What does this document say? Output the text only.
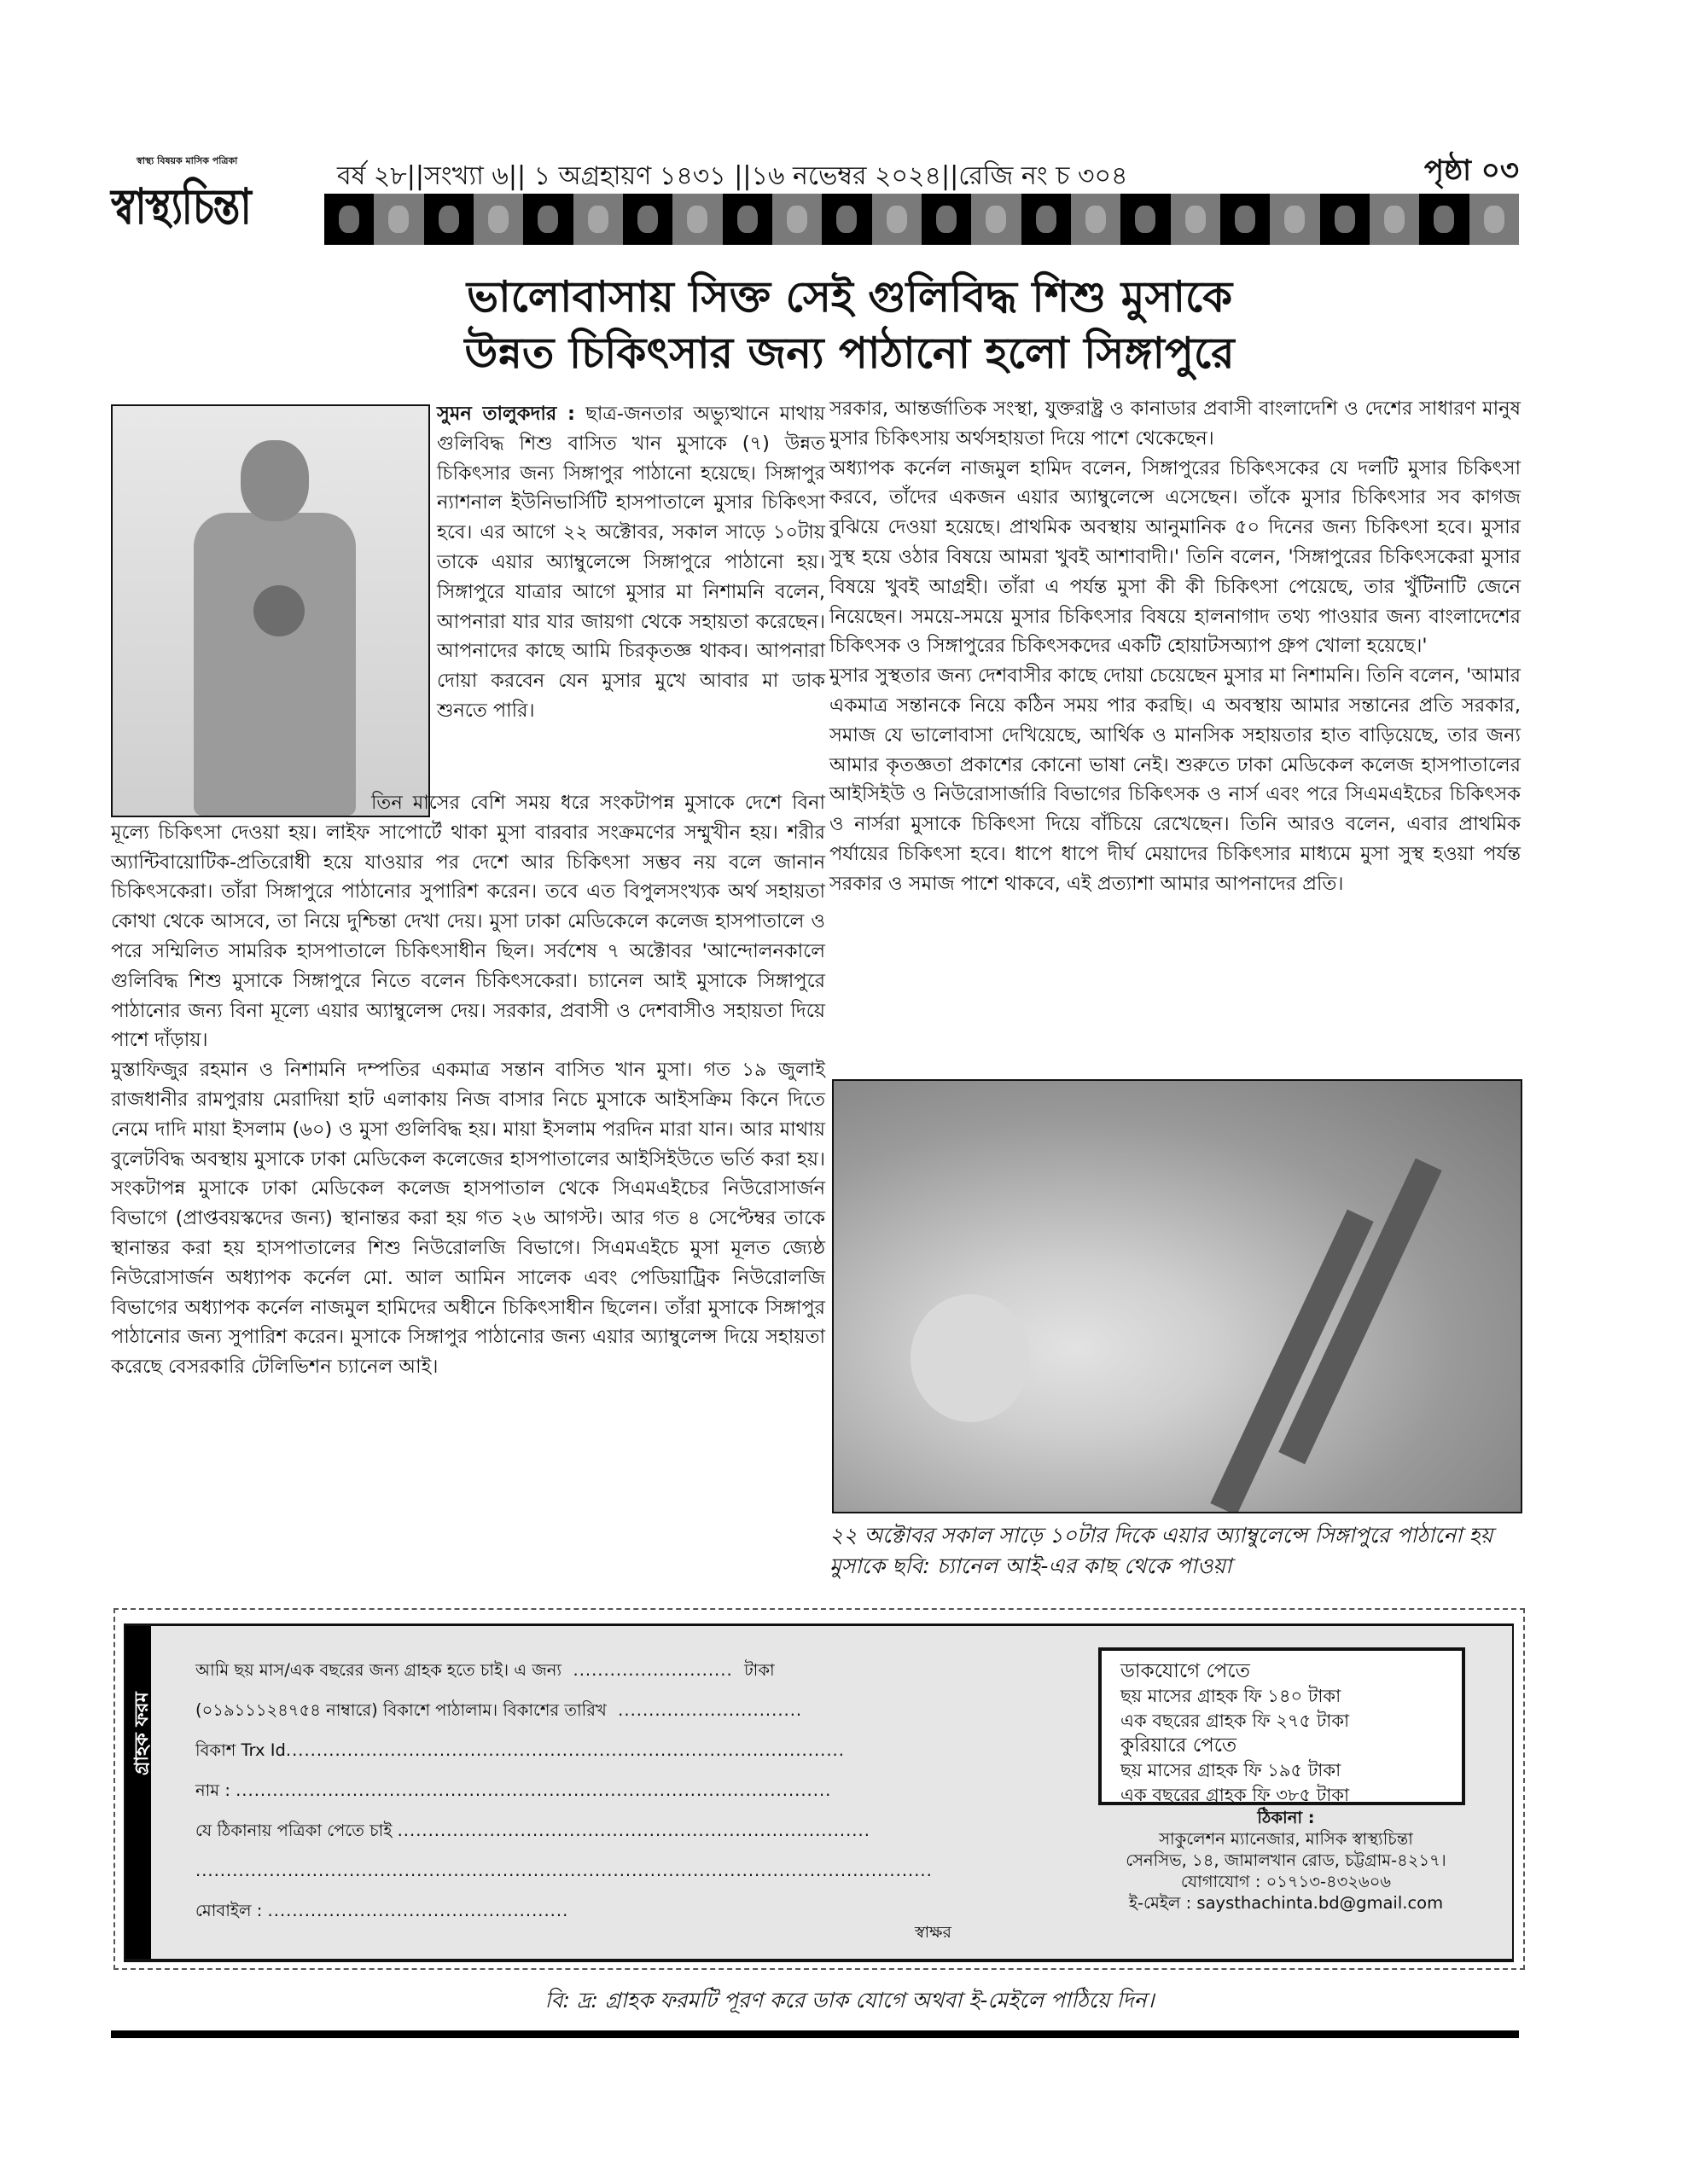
স্বাস্থ্য বিষয়ক মাসিক পত্রিকা
স্বাস্থ্যচিন্তা
বর্ষ ২৮||সংখ্যা ৬|| ১ অগ্রহায়ণ ১৪৩১ ||১৬ নভেম্বর ২০২৪||রেজি নং চ ৩০৪	পৃষ্ঠা ০৩
ভালোবাসায় সিক্ত সেই গুলিবিদ্ধ শিশু মুসাকে
উন্নত চিকিৎসার জন্য পাঠানো হলো সিঙ্গাপুরে
সুমন তালুকদার : ছাত্র-জনতার অভ্যুত্থানে মাথায় গুলিবিদ্ধ শিশু বাসিত খান মুসাকে (৭) উন্নত চিকিৎসার জন্য সিঙ্গাপুর পাঠানো হয়েছে। সিঙ্গাপুর ন্যাশনাল ইউনিভার্সিটি হাসপাতালে মুসার চিকিৎসা হবে। এর আগে ২২ অক্টোবর, সকাল সাড়ে ১০টায় তাকে এয়ার অ্যাম্বুলেন্সে সিঙ্গাপুরে পাঠানো হয়। সিঙ্গাপুরে যাত্রার আগে মুসার মা নিশামনি বলেন, আপনারা যার যার জায়গা থেকে সহায়তা করেছেন। আপনাদের কাছে আমি চিরকৃতজ্ঞ থাকব। আপনারা দোয়া করবেন যেন মুসার মুখে আবার মা ডাক শুনতে পারি।

তিন মাসের বেশি সময় ধরে সংকটাপন্ন মুসাকে দেশে বিনা মূল্যে চিকিৎসা দেওয়া হয়। লাইফ সাপোর্টে থাকা মুসা বারবার সংক্রমণের সম্মুখীন হয়। শরীর অ্যান্টিবায়োটিক-প্রতিরোধী হয়ে যাওয়ার পর দেশে আর চিকিৎসা সম্ভব নয় বলে জানান চিকিৎসকেরা। তাঁরা সিঙ্গাপুরে পাঠানোর সুপারিশ করেন। তবে এত বিপুলসংখ্যক অর্থ সহায়তা কোথা থেকে আসবে, তা নিয়ে দুশ্চিন্তা দেখা দেয়। মুসা ঢাকা মেডিকেলে কলেজ হাসপাতালে ও পরে সম্মিলিত সামরিক হাসপাতালে চিকিৎসাধীন ছিল। সর্বশেষ ৭ অক্টোবর 'আন্দোলনকালে গুলিবিদ্ধ শিশু মুসাকে সিঙ্গাপুরে নিতে বলেন চিকিৎসকেরা। চ্যানেল আই মুসাকে সিঙ্গাপুরে পাঠানোর জন্য বিনা মূল্যে এয়ার অ্যাম্বুলেন্স দেয়। সরকার, প্রবাসী ও দেশবাসীও সহায়তা দিয়ে পাশে দাঁড়ায়।

মুস্তাফিজুর রহমান ও নিশামনি দম্পতির একমাত্র সন্তান বাসিত খান মুসা। গত ১৯ জুলাই রাজধানীর রামপুরায় মেরাদিয়া হাট এলাকায় নিজ বাসার নিচে মুসাকে আইসক্রিম কিনে দিতে নেমে দাদি মায়া ইসলাম (৬০) ও মুসা গুলিবিদ্ধ হয়। মায়া ইসলাম পরদিন মারা যান। আর মাথায় বুলেটবিদ্ধ অবস্থায় মুসাকে ঢাকা মেডিকেল কলেজের হাসপাতালের আইসিইউতে ভর্তি করা হয়। সংকটাপন্ন মুসাকে ঢাকা মেডিকেল কলেজ হাসপাতাল থেকে সিএমএইচের নিউরোসার্জন বিভাগে (প্রাপ্তবয়স্কদের জন্য) স্থানান্তর করা হয় গত ২৬ আগস্ট। আর গত ৪ সেপ্টেম্বর তাকে স্থানান্তর করা হয় হাসপাতালের শিশু নিউরোলজি বিভাগে। সিএমএইচে মুসা মূলত জ্যেষ্ঠ নিউরোসার্জন অধ্যাপক কর্নেল মো. আল আমিন সালেক এবং পেডিয়াট্রিক নিউরোলজি বিভাগের অধ্যাপক কর্নেল নাজমুল হামিদের অধীনে চিকিৎসাধীন ছিলেন। তাঁরা মুসাকে সিঙ্গাপুর পাঠানোর জন্য সুপারিশ করেন। মুসাকে সিঙ্গাপুর পাঠানোর জন্য এয়ার অ্যাম্বুলেন্স দিয়ে সহায়তা করেছে বেসরকারি টেলিভিশন চ্যানেল আই।

সরকার, আন্তর্জাতিক সংস্থা, যুক্তরাষ্ট্র ও কানাডার প্রবাসী বাংলাদেশি ও দেশের সাধারণ মানুষ মুসার চিকিৎসায় অর্থসহায়তা দিয়ে পাশে থেকেছেন।

অধ্যাপক কর্নেল নাজমুল হামিদ বলেন, সিঙ্গাপুরের চিকিৎসকের যে দলটি মুসার চিকিৎসা করবে, তাঁদের একজন এয়ার অ্যাম্বুলেন্সে এসেছেন। তাঁকে মুসার চিকিৎসার সব কাগজ বুঝিয়ে দেওয়া হয়েছে। প্রাথমিক অবস্থায় আনুমানিক ৫০ দিনের জন্য চিকিৎসা হবে। মুসার সুস্থ হয়ে ওঠার বিষয়ে আমরা খুবই আশাবাদী।' তিনি বলেন, 'সিঙ্গাপুরের চিকিৎসকেরা মুসার বিষয়ে খুবই আগ্রহী। তাঁরা এ পর্যন্ত মুসা কী কী চিকিৎসা পেয়েছে, তার খুঁটিনাটি জেনে নিয়েছেন। সময়ে-সময়ে মুসার চিকিৎসার বিষয়ে হালনাগাদ তথ্য পাওয়ার জন্য বাংলাদেশের চিকিৎসক ও সিঙ্গাপুরের চিকিৎসকদের একটি হোয়াটসঅ্যাপ গ্রুপ খোলা হয়েছে।'

মুসার সুস্থতার জন্য দেশবাসীর কাছে দোয়া চেয়েছেন মুসার মা নিশামনি। তিনি বলেন, 'আমার একমাত্র সন্তানকে নিয়ে কঠিন সময় পার করছি। এ অবস্থায় আমার সন্তানের প্রতি সরকার, সমাজ যে ভালোবাসা দেখিয়েছে, আর্থিক ও মানসিক সহায়তার হাত বাড়িয়েছে, তার জন্য আমার কৃতজ্ঞতা প্রকাশের কোনো ভাষা নেই। শুরুতে ঢাকা মেডিকেল কলেজ হাসপাতালের আইসিইউ ও নিউরোসার্জারি বিভাগের চিকিৎসক ও নার্স এবং পরে সিএমএইচের চিকিৎসক ও নার্সরা মুসাকে চিকিৎসা দিয়ে বাঁচিয়ে রেখেছেন। তিনি আরও বলেন, এবার প্রাথমিক পর্যায়ের চিকিৎসা হবে। ধাপে ধাপে দীর্ঘ মেয়াদের চিকিৎসার মাধ্যমে মুসা সুস্থ হওয়া পর্যন্ত সরকার ও সমাজ পাশে থাকবে, এই প্রত্যাশা আমার আপনাদের প্রতি।

২২ অক্টোবর সকাল সাড়ে ১০টার দিকে এয়ার অ্যাম্বুলেন্সে সিঙ্গাপুরে পাঠানো হয় মুসাকে ছবি: চ্যানেল আই-এর কাছ থেকে পাওয়া
গ্রাহক ফরম
আমি ছয় মাস/এক বছরের জন্য গ্রাহক হতে চাই। এ জন্য  ..........................  টাকা
(০১৯১১১২৪৭৫৪ নাম্বারে) বিকাশে পাঠালাম। বিকাশের তারিখ  ..............................
বিকাশ Trx Id...........................................................................................
নাম : .................................................................................................
যে ঠিকানায় পত্রিকা পেতে চাই .............................................................................
........................................................................................................................
মোবাইল : .................................................
স্বাক্ষর
ডাকযোগে পেতে
ছয় মাসের গ্রাহক ফি ১৪০ টাকা
এক বছরের গ্রাহক ফি ২৭৫ টাকা
কুরিয়ারে পেতে
ছয় মাসের গ্রাহক ফি ১৯৫ টাকা
এক বছরের গ্রাহক ফি ৩৮৫ টাকা
ঠিকানা :
সাকুলেশন ম্যানেজার, মাসিক স্বাস্থ্যচিন্তা
সেনসিভ, ১৪, জামালখান রোড, চট্টগ্রাম-৪২১৭।
যোগাযোগ : ০১৭১৩-৪৩২৬০৬
ই-মেইল : saysthachinta.bd@gmail.com
বি: দ্র: গ্রাহক ফরমটি পূরণ করে ডাক যোগে অথবা ই-মেইলে পাঠিয়ে দিন।
